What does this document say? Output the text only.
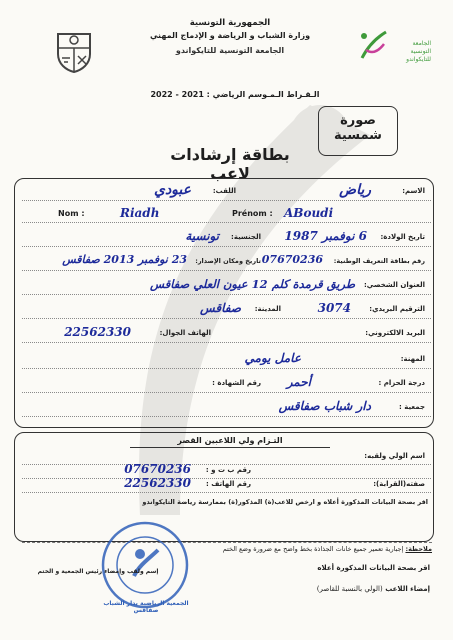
الجمهورية التونسية
وزارة الشباب و الرياضة و الإدماج المهني
الجامعة التونسية للتايكواندو
الجامعة
التونسية
للتايكواندو
الـقـراط الـمـوسم الرياضي : 2021 - 2022
صورة
شمسية
بطاقة إرشادات لاعب
الاسم:
رياض
اللقب:
عبودي
Nom :	Riadh	Prénom : ABoudi
تاريخ الولادة:
6 نوفمبر 1987
الجنسية:
تونسية
رقم بطاقة التعريف الوطنية:
07670236
تاريخ ومكان الإصدار:
23 نوفمبر 2013 صفاقس
العنوان الشخصي:
طريق قرمدة كلم 12 عيون العلي صفاقس
الترقيم البريدي:
3074
المدينة:
صفاقس
البريد الالكتروني:
الهاتف الجوال:
22562330
المهنة:
عامل يومي
درجة الحزام :
أحمر
رقم الشهادة :
جمعية :
دار شباب صفاقس
التـزام ولي اللاعبين القصر
اسم الولي ولقبه:
رقم ب ت و :
07670236
صفته(القرابة):
رقم الهاتف :
22562330
اقر بصحة البيانات المذكورة أعلاه و ارخص للاعب(ة) المذكور(ة) بممارسة رياضة التايكواندو
ملاحظة: إجبارية تعمير جميع خانات الجذاذة بخط واضح مع ضرورة وضع الختم
اقر بصحة البيانات المذكورة أعلاه
إمضاء اللاعب (الولي بالنسبة للقاصر)
الجمعية الرياضية بدار الشباب صفاقس
إسم ولقب وإمضاء رئيس الجمعية و الختم
